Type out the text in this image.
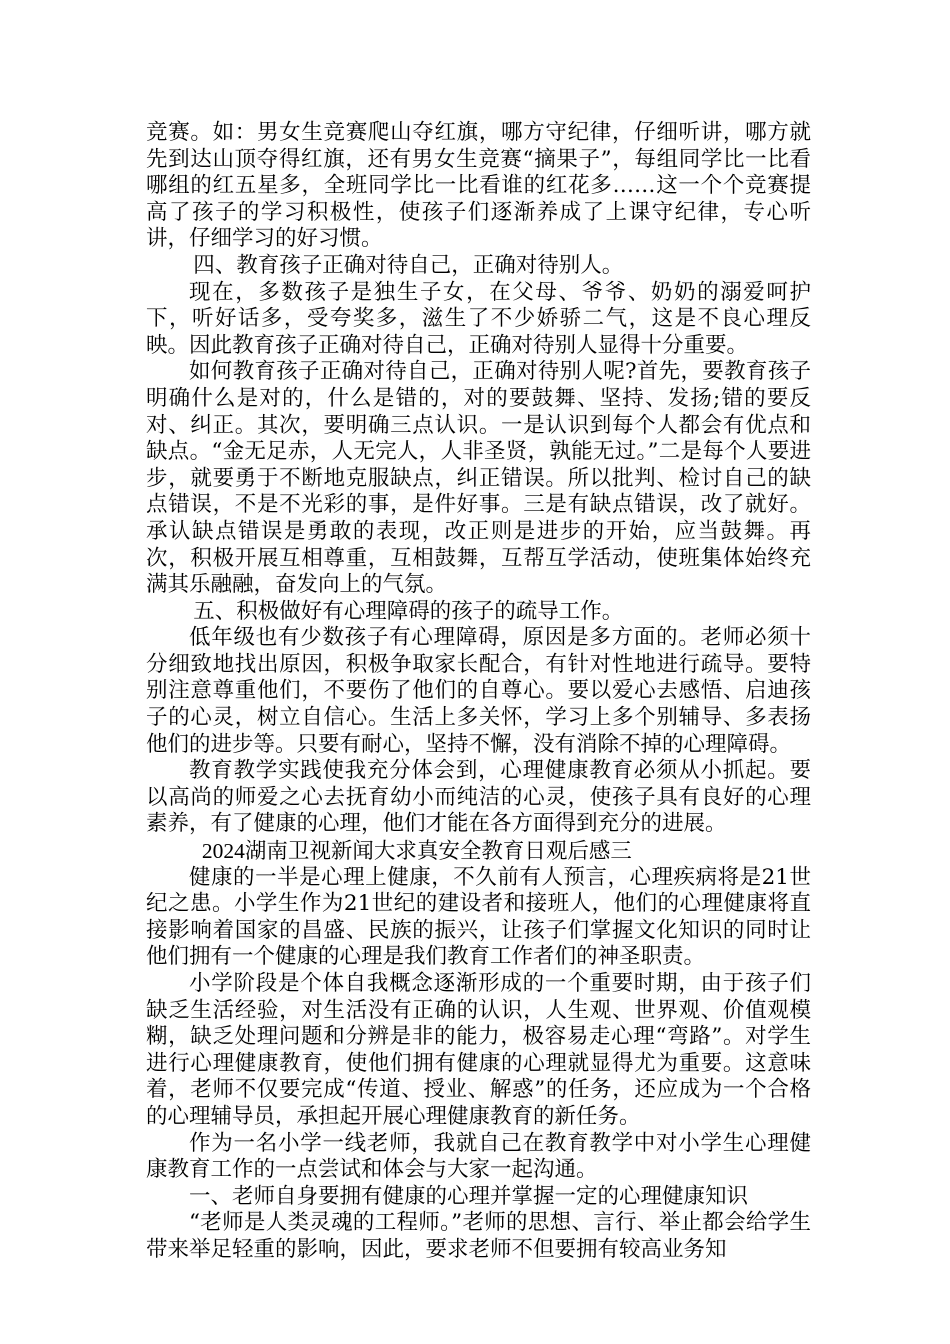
竞赛。如：男女生竞赛爬山夺红旗，哪方守纪律，仔细听讲，哪方就先到达山顶夺得红旗，还有男女生竞赛“摘果子”，每组同学比一比看哪组的红五星多，全班同学比一比看谁的红花多……这一个个竞赛提高了孩子的学习积极性，使孩子们逐渐养成了上课守纪律，专心听讲，仔细学习的好习惯。

四、教育孩子正确对待自己，正确对待别人。

现在，多数孩子是独生子女，在父母、爷爷、奶奶的溺爱呵护下，听好话多，受夸奖多，滋生了不少娇骄二气，这是不良心理反映。因此教育孩子正确对待自己，正确对待别人显得十分重要。

如何教育孩子正确对待自己，正确对待别人呢?首先，要教育孩子明确什么是对的，什么是错的，对的要鼓舞、坚持、发扬;错的要反对、纠正。其次，要明确三点认识。一是认识到每个人都会有优点和缺点。“金无足赤，人无完人，人非圣贤，孰能无过。”二是每个人要进步，就要勇于不断地克服缺点，纠正错误。所以批判、检讨自己的缺点错误，不是不光彩的事，是件好事。三是有缺点错误，改了就好。承认缺点错误是勇敢的表现，改正则是进步的开始，应当鼓舞。再次，积极开展互相尊重，互相鼓舞，互帮互学活动，使班集体始终充满其乐融融，奋发向上的气氛。

五、积极做好有心理障碍的孩子的疏导工作。

低年级也有少数孩子有心理障碍，原因是多方面的。老师必须十分细致地找出原因，积极争取家长配合，有针对性地进行疏导。要特别注意尊重他们，不要伤了他们的自尊心。要以爱心去感悟、启迪孩子的心灵，树立自信心。生活上多关怀，学习上多个别辅导、多表扬他们的进步等。只要有耐心，坚持不懈，没有消除不掉的心理障碍。

教育教学实践使我充分体会到，心理健康教育必须从小抓起。要以高尚的师爱之心去抚育幼小而纯洁的心灵，使孩子具有良好的心理素养，有了健康的心理，他们才能在各方面得到充分的进展。

2024湖南卫视新闻大求真安全教育日观后感三

健康的一半是心理上健康，不久前有人预言，心理疾病将是21世纪之患。小学生作为21世纪的建设者和接班人，他们的心理健康将直接影响着国家的昌盛、民族的振兴，让孩子们掌握文化知识的同时让他们拥有一个健康的心理是我们教育工作者们的神圣职责。

小学阶段是个体自我概念逐渐形成的一个重要时期，由于孩子们缺乏生活经验，对生活没有正确的认识，人生观、世界观、价值观模糊，缺乏处理问题和分辨是非的能力，极容易走心理“弯路”。对学生进行心理健康教育，使他们拥有健康的心理就显得尤为重要。这意味着，老师不仅要完成“传道、授业、解惑”的任务，还应成为一个合格的心理辅导员，承担起开展心理健康教育的新任务。

作为一名小学一线老师，我就自己在教育教学中对小学生心理健康教育工作的一点尝试和体会与大家一起沟通。

一、老师自身要拥有健康的心理并掌握一定的心理健康知识

“老师是人类灵魂的工程师。”老师的思想、言行、举止都会给学生带来举足轻重的影响，因此，要求老师不但要拥有较高业务知
